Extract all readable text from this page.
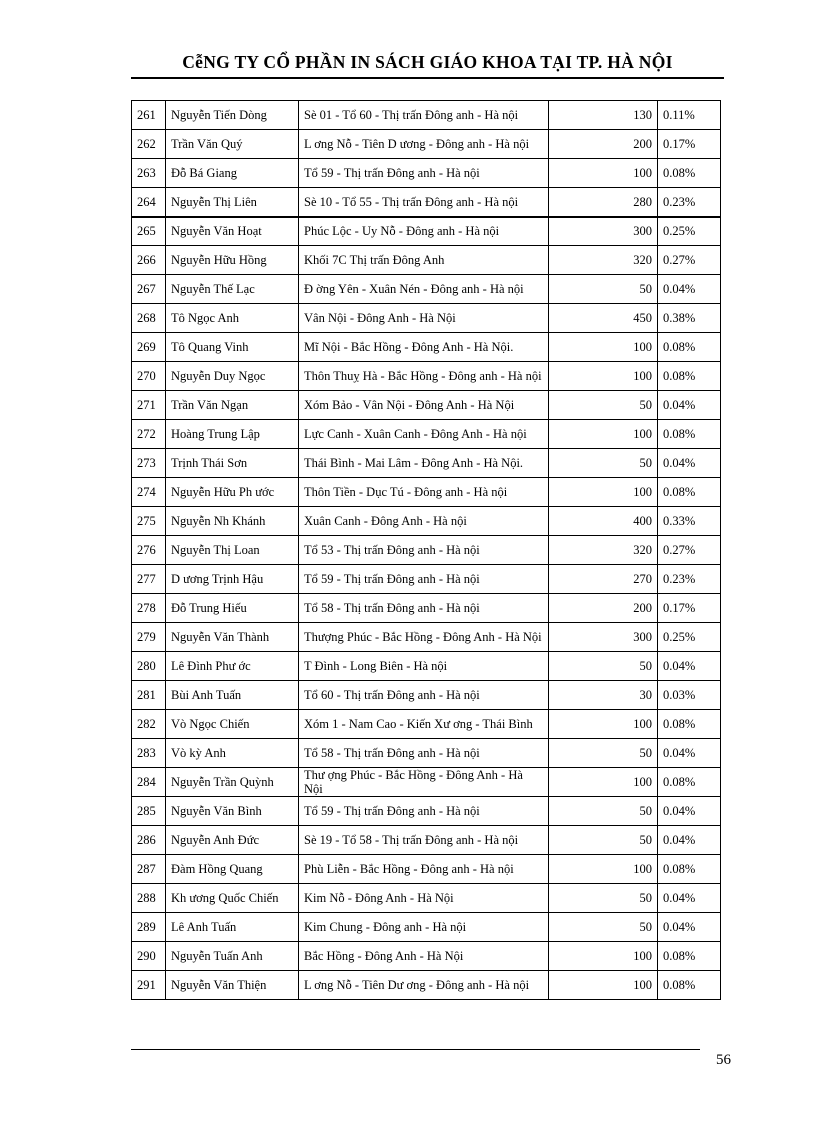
CễNG TY CỔ PHẦN IN SÁCH GIÁO KHOA TẠI TP. HÀ NỘI
261	Nguyễn Tiến Dòng	Sè 01 - Tổ 60 - Thị trấn Đông anh - Hà nội	130	0.11%
262	Trần Văn Quý	L ơng Nỗ - Tiên D ương - Đông anh - Hà nội	200	0.17%
263	Đỗ Bá Giang	Tổ 59 - Thị trấn Đông anh - Hà nội	100	0.08%
264	Nguyễn Thị Liên	Sè 10 - Tổ 55 - Thị trấn Đông anh - Hà nội	280	0.23%
265	Nguyễn Văn Hoạt	Phúc Lộc - Uy Nỗ - Đông anh - Hà nội	300	0.25%
266	Nguyễn Hữu Hồng	Khối 7C Thị trấn Đông Anh	320	0.27%
267	Nguyễn Thế Lạc	Đ ờng Yên - Xuân Nén - Đông anh - Hà nội	50	0.04%
268	Tô Ngọc Anh	Vân Nội - Đông Anh - Hà Nội	450	0.38%
269	Tô Quang Vinh	Mĩ Nội - Bắc Hồng - Đông Anh - Hà Nội.	100	0.08%
270	Nguyễn Duy Ngọc	Thôn Thuỵ Hà - Bắc Hồng - Đông anh - Hà nội	100	0.08%
271	Trần Văn Ngạn	Xóm Bảo - Vân Nội - Đông Anh - Hà Nội	50	0.04%
272	Hoàng Trung Lập	Lực Canh - Xuân Canh - Đông Anh - Hà nội	100	0.08%
273	Trịnh Thái Sơn	Thái Bình - Mai Lâm - Đông Anh - Hà Nội.	50	0.04%
274	Nguyễn Hữu Ph ước	Thôn Tiền - Dục Tú - Đông anh - Hà nội	100	0.08%
275	Nguyễn Nh Khánh	Xuân Canh - Đông Anh - Hà nội	400	0.33%
276	Nguyễn Thị Loan	Tổ 53 - Thị trấn Đông anh - Hà nội	320	0.27%
277	D ương Trịnh Hậu	Tổ 59 - Thị trấn Đông anh - Hà nội	270	0.23%
278	Đỗ Trung Hiếu	Tổ 58 - Thị trấn Đông anh - Hà nội	200	0.17%
279	Nguyễn Văn Thành	Thượng Phúc - Bắc Hồng - Đông Anh - Hà Nội	300	0.25%
280	Lê Đình Phư ớc	T Đình - Long Biên - Hà nội	50	0.04%
281	Bùi Anh Tuấn	Tổ 60 - Thị trấn Đông anh - Hà nội	30	0.03%
282	Vò Ngọc Chiến	Xóm 1 - Nam Cao - Kiến Xư ơng - Thái Bình	100	0.08%
283	Vò kỳ Anh	Tổ 58 - Thị trấn Đông anh - Hà nội	50	0.04%
284	Nguyễn Trần Quỳnh	Thư ợng Phúc - Bắc Hồng - Đông Anh - Hà Nội	100	0.08%
285	Nguyễn Văn Bình	Tổ 59 - Thị trấn Đông anh - Hà nội	50	0.04%
286	Nguyễn Anh Đức	Sè 19 - Tổ 58 - Thị trấn Đông anh - Hà nội	50	0.04%
287	Đàm Hồng Quang	Phù Liễn - Bắc Hồng - Đông anh - Hà nội	100	0.08%
288	Kh ương Quốc Chiến	Kim Nỗ - Đông Anh - Hà Nội	50	0.04%
289	Lê Anh Tuấn	Kim Chung - Đông anh - Hà nội	50	0.04%
290	Nguyễn Tuấn Anh	Bắc Hồng - Đông Anh - Hà Nội	100	0.08%
291	Nguyễn Văn Thiện	L ơng Nỗ - Tiên Dư ơng - Đông anh - Hà nội	100	0.08%
56
